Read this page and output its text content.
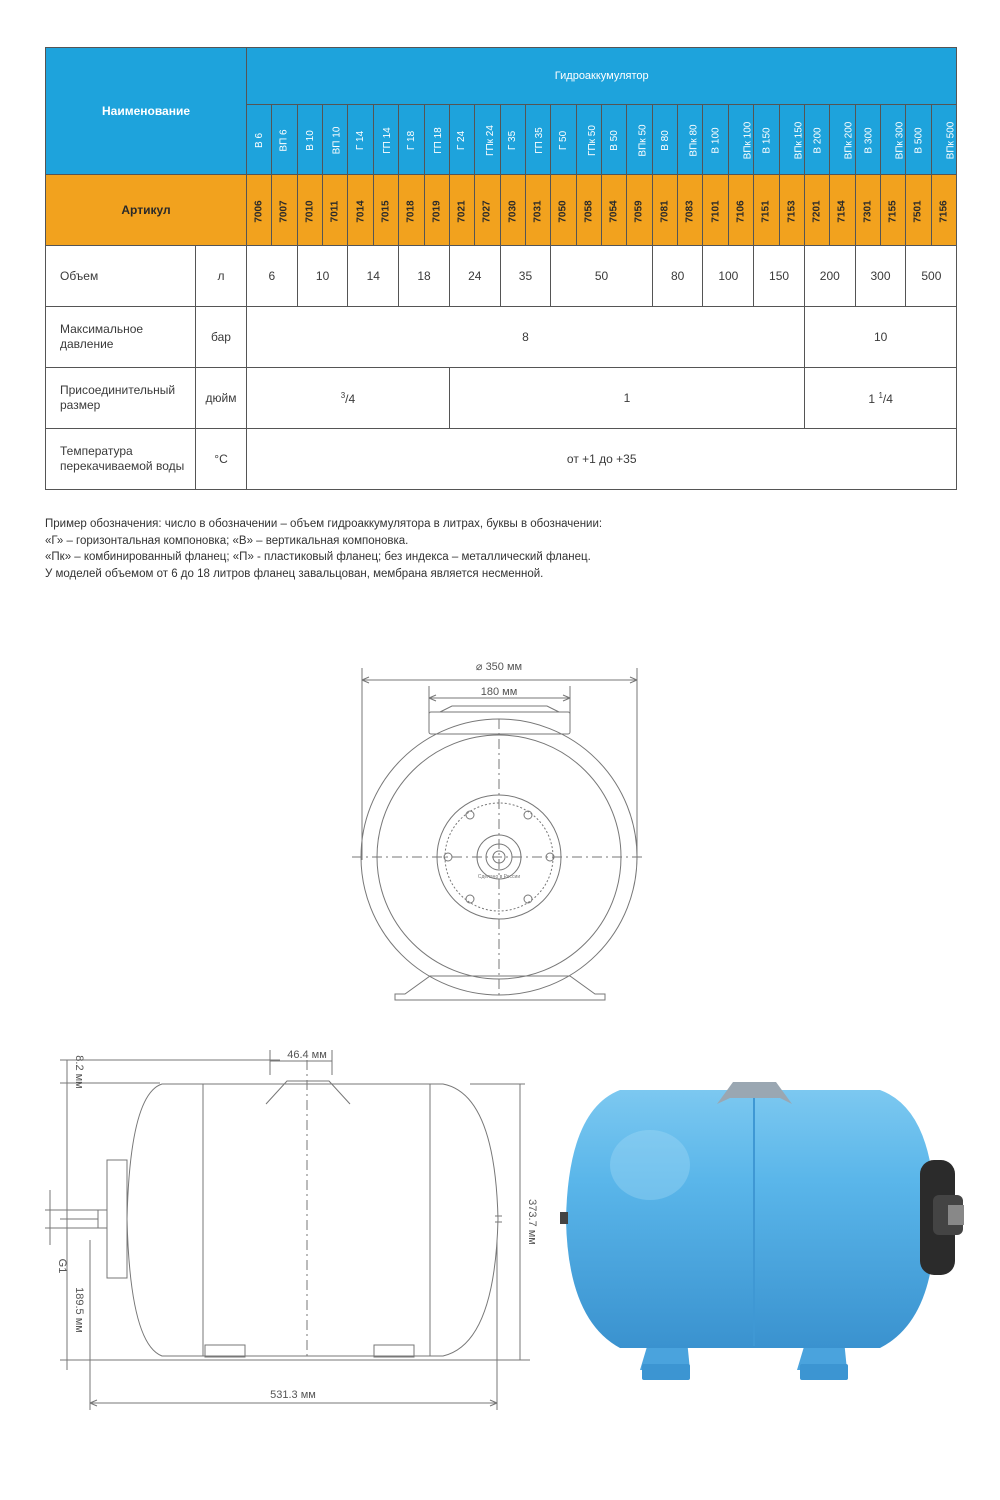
Наименование		Гидроаккумулятор																											
		В 6	ВП 6	В 10	ВП 10	Г 14	ГП 14	Г 18	ГП 18	Г 24	ГПк 24	Г 35	ГП 35	Г 50	ГПк 50	В 50	ВПк 50	В 80	ВПк 80	В 100	ВПк 100	В 150	ВПк 150	В 200	ВПк 200	В 300	ВПк 300	В 500	ВПк 500
Артикул		7006	7007	7010	7011	7014	7015	7018	7019	7021	7027	7030	7031	7050	7058	7054	7059	7081	7083	7101	7106	7151	7153	7201	7154	7301	7155	7501	7156
Объем	л	6		10		14		18		24		35		50				80		100		150		200		300		500	
Максимальное
давление	бар	8																						10					
Присоединительный
размер	дюйм	$^3$/4								1														1 $^1$/4					
Температура
перекачиваемой воды	°С	от +1 до +35																											

Пример обозначения: число в обозначении – объем гидроаккумулятора в литрах, буквы в обозначении:

«Г» – горизонтальная компоновка; «В» – вертикальная компоновка.

«Пк» – комбинированный фланец; «П» - пластиковый фланец; без индекса – металлический фланец.

У моделей объемом от 6 до 18 литров фланец завальцован, мембрана является несменной.

⌀ 350 мм
180 мм
Сделано в России
46.4 мм
8.2 мм
373.7 мм
G1
189.5 мм
531.3 мм
